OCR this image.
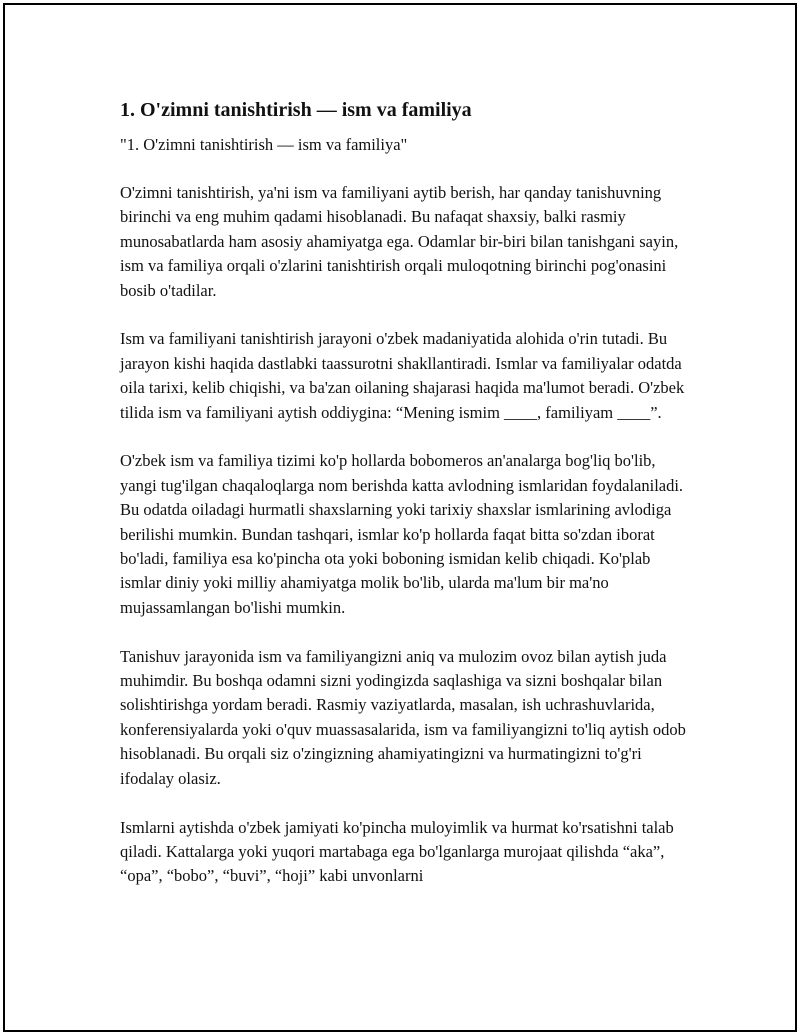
1. O'zimni tanishtirish — ism va familiya

"1. O'zimni tanishtirish — ism va familiya"

O'zimni tanishtirish, ya'ni ism va familiyani aytib berish, har qanday tanishuvning birinchi va eng muhim qadami hisoblanadi. Bu nafaqat shaxsiy, balki rasmiy munosabatlarda ham asosiy ahamiyatga ega. Odamlar bir-biri bilan tanishgani sayin, ism va familiya orqali o'zlarini tanishtirish orqali muloqotning birinchi pog'onasini bosib o'tadilar.

Ism va familiyani tanishtirish jarayoni o'zbek madaniyatida alohida o'rin tutadi. Bu jarayon kishi haqida dastlabki taassurotni shakllantiradi. Ismlar va familiyalar odatda oila tarixi, kelib chiqishi, va ba'zan oilaning shajarasi haqida ma'lumot beradi. O'zbek tilida ism va familiyani aytish oddiygina: “Mening ismim ____, familiyam ____”.

O'zbek ism va familiya tizimi ko'p hollarda bobomeros an'analarga bog'liq bo'lib, yangi tug'ilgan chaqaloqlarga nom berishda katta avlodning ismlaridan foydalaniladi. Bu odatda oiladagi hurmatli shaxslarning yoki tarixiy shaxslar ismlarining avlodiga berilishi mumkin. Bundan tashqari, ismlar ko'p hollarda faqat bitta so'zdan iborat bo'ladi, familiya esa ko'pincha ota yoki boboning ismidan kelib chiqadi. Ko'plab ismlar diniy yoki milliy ahamiyatga molik bo'lib, ularda ma'lum bir ma'no mujassamlangan bo'lishi mumkin.

Tanishuv jarayonida ism va familiyangizni aniq va mulozim ovoz bilan aytish juda muhimdir. Bu boshqa odamni sizni yodingizda saqlashiga va sizni boshqalar bilan solishtirishga yordam beradi. Rasmiy vaziyatlarda, masalan, ish uchrashuvlarida, konferensiyalarda yoki o'quv muassasalarida, ism va familiyangizni to'liq aytish odob hisoblanadi. Bu orqali siz o'zingizning ahamiyatingizni va hurmatingizni to'g'ri ifodalay olasiz.

Ismlarni aytishda o'zbek jamiyati ko'pincha muloyimlik va hurmat ko'rsatishni talab qiladi. Kattalarga yoki yuqori martabaga ega bo'lganlarga murojaat qilishda “aka”, “opa”, “bobo”, “buvi”, “hoji” kabi unvonlarni
